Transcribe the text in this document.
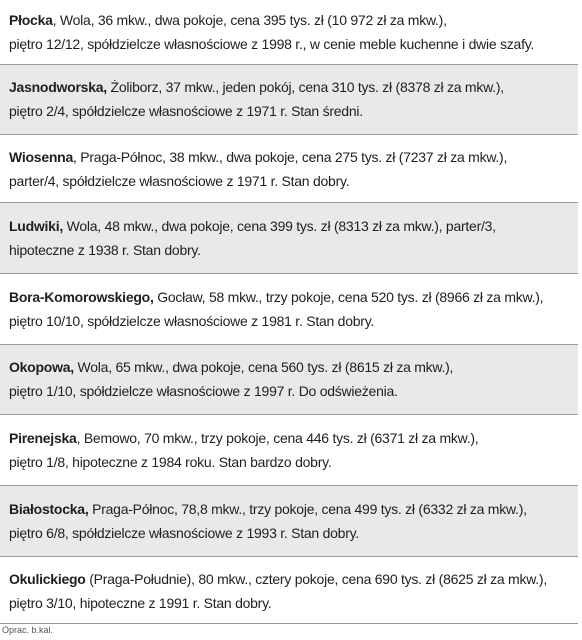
Płocka, Wola, 36 mkw., dwa pokoje, cena 395 tys. zł (10 972 zł za mkw.),
piętro 12/12, spółdzielcze własnościowe z 1998 r., w cenie meble kuchenne i dwie szafy.
Jasnodworska, Żoliborz, 37 mkw., jeden pokój, cena 310 tys. zł (8378 zł za mkw.),
piętro 2/4, spółdzielcze własnościowe z 1971 r. Stan średni.
Wiosenna, Praga-Północ, 38 mkw., dwa pokoje, cena 275 tys. zł (7237 zł za mkw.),
parter/4, spółdzielcze własnościowe z 1971 r. Stan dobry.
Ludwiki, Wola, 48 mkw., dwa pokoje, cena 399 tys. zł (8313 zł za mkw.), parter/3,
hipoteczne z 1938 r. Stan dobry.
Bora-Komorowskiego, Gocław, 58 mkw., trzy pokoje, cena 520 tys. zł (8966 zł za mkw.),
piętro 10/10, spółdzielcze własnościowe z 1981 r. Stan dobry.
Okopowa, Wola, 65 mkw., dwa pokoje, cena 560 tys. zł (8615 zł za mkw.),
piętro 1/10, spółdzielcze własnościowe z 1997 r. Do odświeżenia.
Pirenejska, Bemowo, 70 mkw., trzy pokoje, cena 446 tys. zł (6371 zł za mkw.),
piętro 1/8, hipoteczne z 1984 roku. Stan bardzo dobry.
Białostocka, Praga-Północ, 78,8 mkw., trzy pokoje, cena 499 tys. zł (6332 zł za mkw.),
piętro 6/8, spółdzielcze własnościowe z 1993 r. Stan dobry.
Okulickiego (Praga-Południe), 80 mkw., cztery pokoje, cena 690 tys. zł (8625 zł za mkw.),
piętro 3/10, hipoteczne z 1991 r. Stan dobry.
Oprac. b.kal.
